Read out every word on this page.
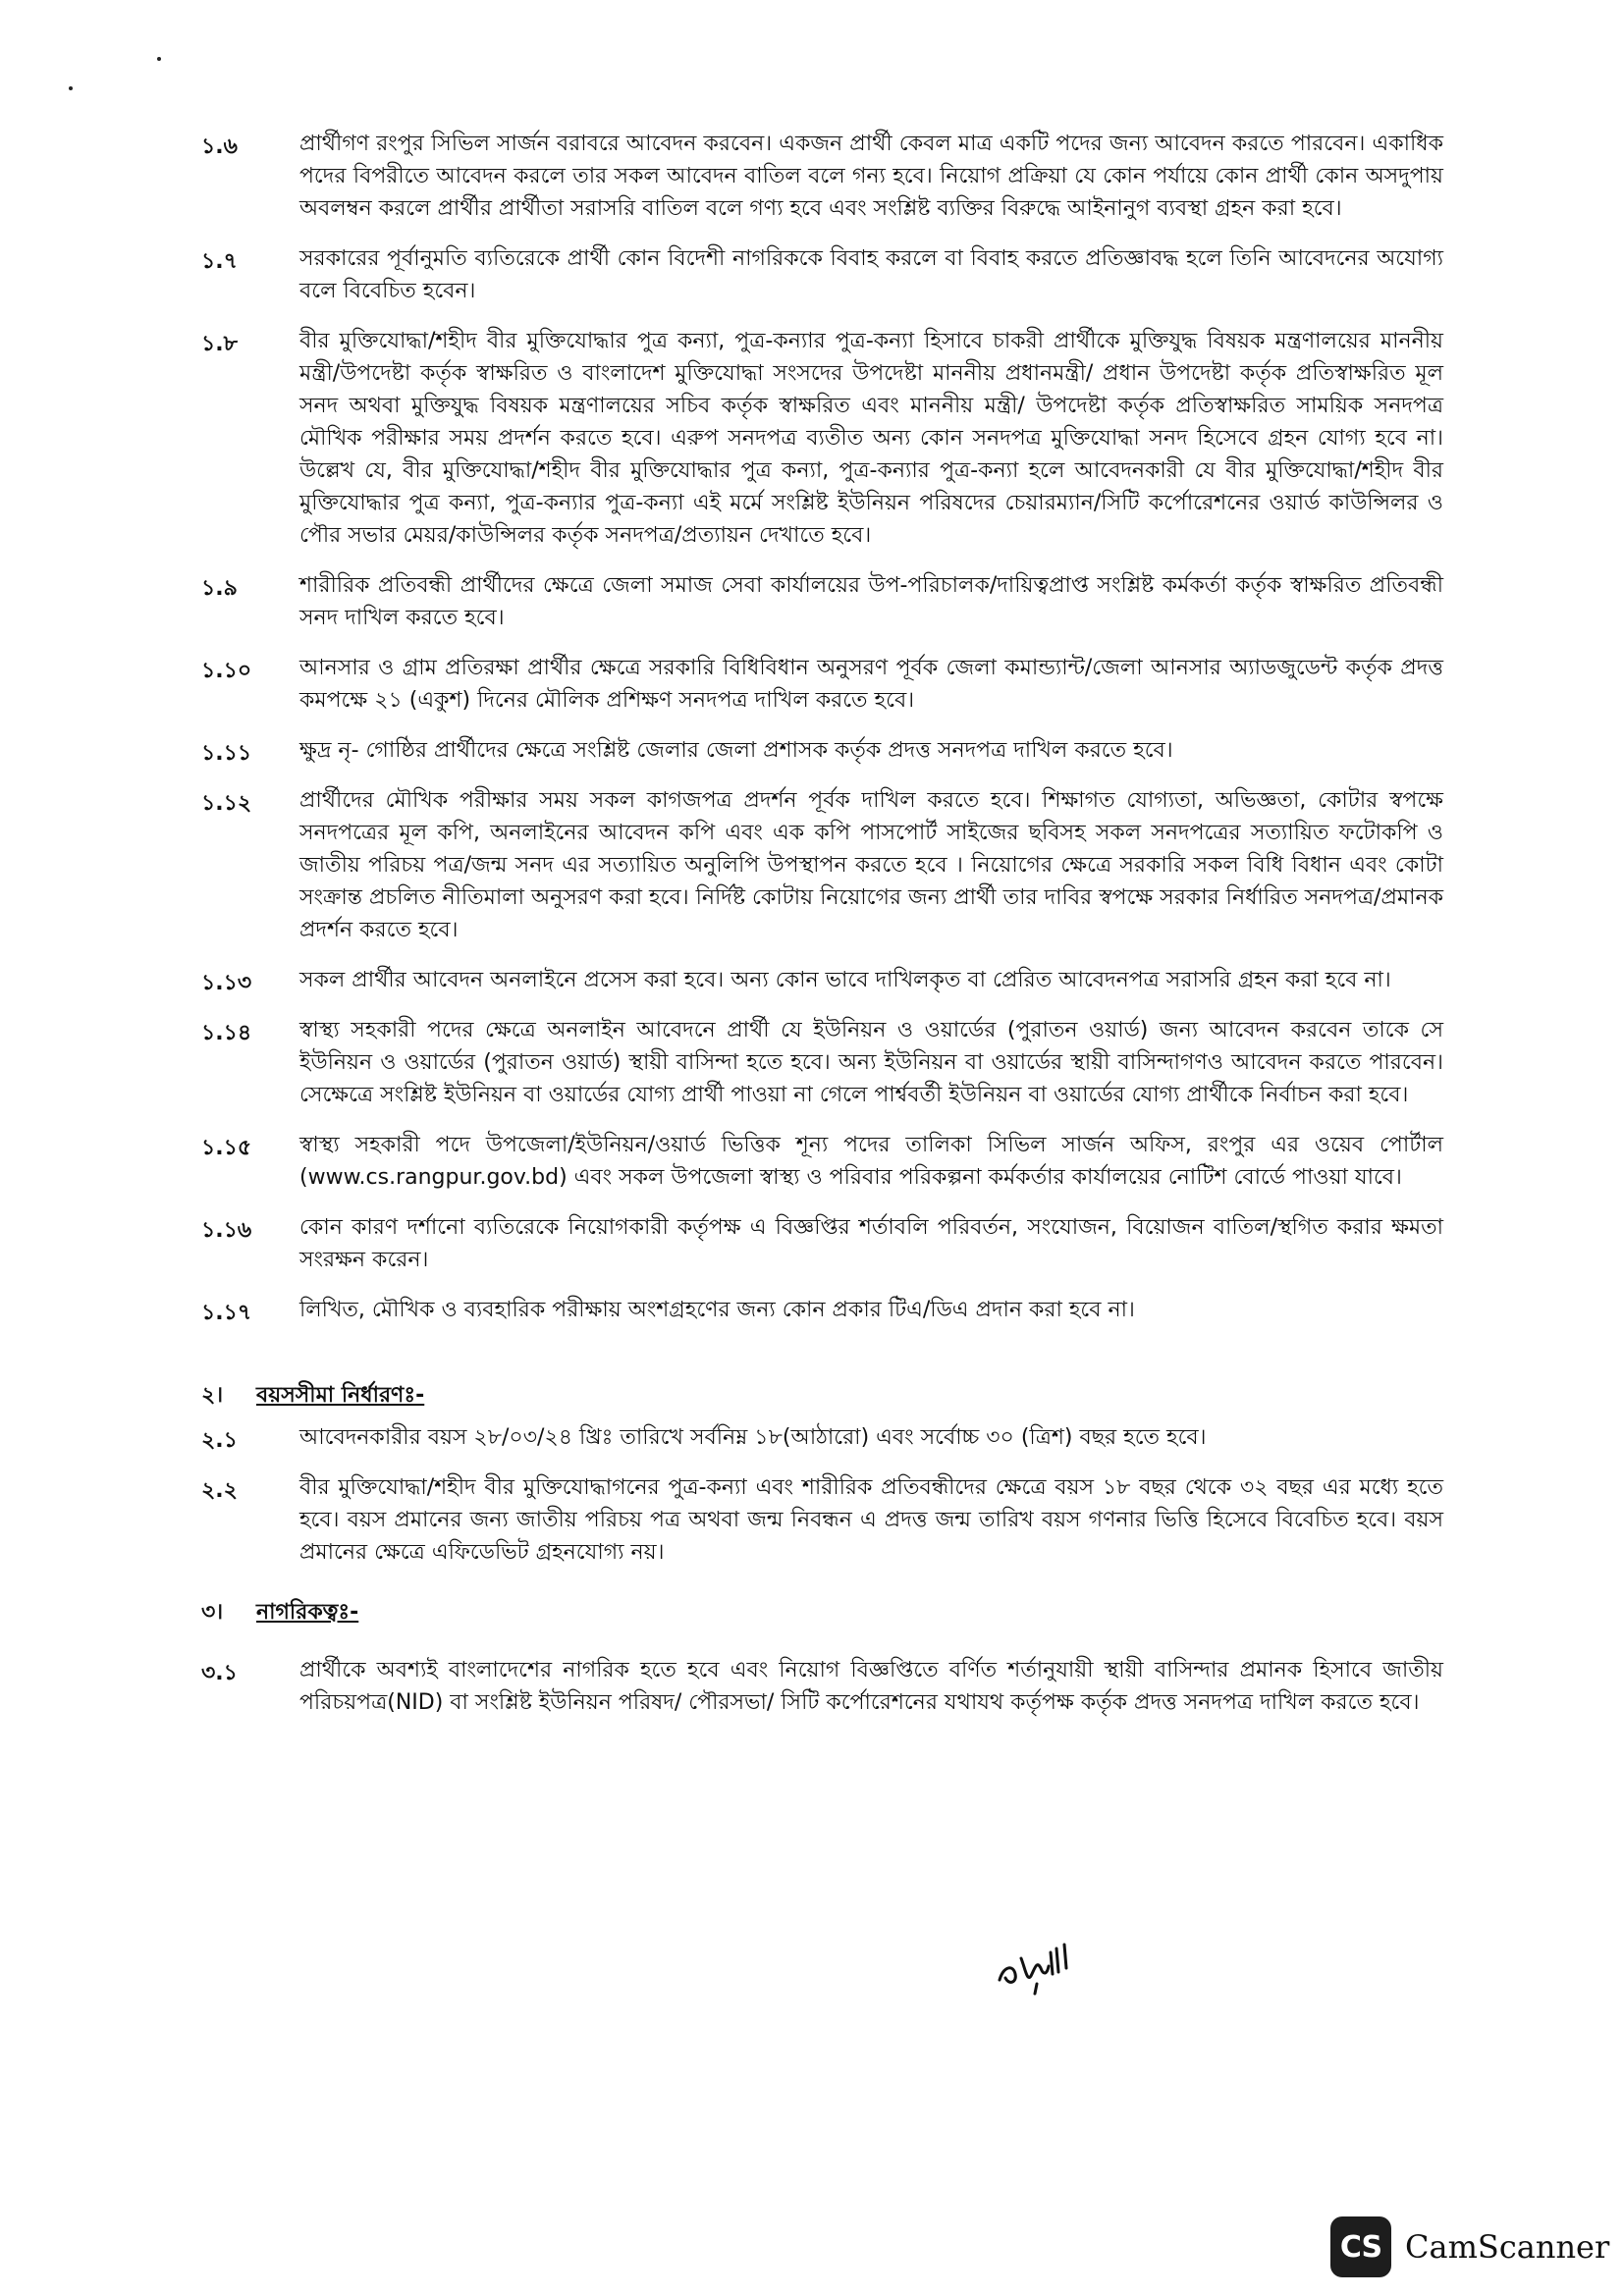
১.৬	প্রার্থীগণ রংপুর সিভিল সার্জন বরাবরে আবেদন করবেন। একজন প্রার্থী কেবল মাত্র একটি পদের জন্য আবেদন করতে পারবেন। একাধিক পদের বিপরীতে আবেদন করলে তার সকল আবেদন বাতিল বলে গন্য হবে। নিয়োগ প্রক্রিয়া যে কোন পর্যায়ে কোন প্রার্থী কোন অসদুপায় অবলম্বন করলে প্রার্থীর প্রার্থীতা সরাসরি বাতিল বলে গণ্য হবে এবং সংশ্লিষ্ট ব্যক্তির বিরুদ্ধে আইনানুগ ব্যবস্থা গ্রহন করা হবে।
১.৭	সরকারের পূর্বানুমতি ব্যতিরেকে প্রার্থী কোন বিদেশী নাগরিককে বিবাহ করলে বা বিবাহ করতে প্রতিজ্ঞাবদ্ধ হলে তিনি আবেদনের অযোগ্য বলে বিবেচিত হবেন।
১.৮	বীর মুক্তিযোদ্ধা/শহীদ বীর মুক্তিযোদ্ধার পুত্র কন্যা, পুত্র-কন্যার পুত্র-কন্যা হিসাবে চাকরী প্রার্থীকে মুক্তিযুদ্ধ বিষয়ক মন্ত্রণালয়ের মাননীয় মন্ত্রী/উপদেষ্টা কর্তৃক স্বাক্ষরিত ও বাংলাদেশ মুক্তিযোদ্ধা সংসদের উপদেষ্টা মাননীয় প্রধানমন্ত্রী/ প্রধান উপদেষ্টা কর্তৃক প্রতিস্বাক্ষরিত মূল সনদ অথবা মুক্তিযুদ্ধ বিষয়ক মন্ত্রণালয়ের সচিব কর্তৃক স্বাক্ষরিত এবং মাননীয় মন্ত্রী/ উপদেষ্টা কর্তৃক প্রতিস্বাক্ষরিত সাময়িক সনদপত্র মৌখিক পরীক্ষার সময় প্রদর্শন করতে হবে। এরুপ সনদপত্র ব্যতীত অন্য কোন সনদপত্র মুক্তিযোদ্ধা সনদ হিসেবে গ্রহন যোগ্য হবে না।উল্লেখ যে, বীর মুক্তিযোদ্ধা/শহীদ বীর মুক্তিযোদ্ধার পুত্র কন্যা, পুত্র-কন্যার পুত্র-কন্যা হলে আবেদনকারী যে বীর মুক্তিযোদ্ধা/শহীদ বীর মুক্তিযোদ্ধার পুত্র কন্যা, পুত্র-কন্যার পুত্র-কন্যা এই মর্মে সংশ্লিষ্ট ইউনিয়ন পরিষদের চেয়ারম্যান/সিটি কর্পোরেশনের ওয়ার্ড কাউন্সিলর ও পৌর সভার মেয়র/কাউন্সিলর কর্তৃক সনদপত্র/প্রত্যায়ন দেখাতে হবে।
১.৯	শারীরিক প্রতিবন্ধী প্রার্থীদের ক্ষেত্রে জেলা সমাজ সেবা কার্যালয়ের উপ-পরিচালক/দায়িত্বপ্রাপ্ত সংশ্লিষ্ট কর্মকর্তা কর্তৃক স্বাক্ষরিত প্রতিবন্ধী সনদ দাখিল করতে হবে।
১.১০	আনসার ও গ্রাম প্রতিরক্ষা প্রার্থীর ক্ষেত্রে সরকারি বিধিবিধান অনুসরণ পূর্বক জেলা কমান্ড্যান্ট/জেলা আনসার অ্যাডজুডেন্ট কর্তৃক প্রদত্ত কমপক্ষে ২১ (একুশ) দিনের মৌলিক প্রশিক্ষণ সনদপত্র দাখিল করতে হবে।
১.১১	ক্ষুদ্র নৃ- গোষ্ঠির প্রার্থীদের ক্ষেত্রে সংশ্লিষ্ট জেলার জেলা প্রশাসক কর্তৃক প্রদত্ত সনদপত্র দাখিল করতে হবে।
১.১২	প্রার্থীদের মৌখিক পরীক্ষার সময় সকল কাগজপত্র প্রদর্শন পূর্বক দাখিল করতে হবে। শিক্ষাগত যোগ্যতা, অভিজ্ঞতা, কোটার স্বপক্ষে সনদপত্রের মূল কপি, অনলাইনের আবেদন কপি এবং এক কপি পাসপোর্ট সাইজের ছবিসহ সকল সনদপত্রের সত্যায়িত ফটোকপি ও জাতীয় পরিচয় পত্র/জন্ম সনদ এর সত্যায়িত অনুলিপি উপস্থাপন করতে হবে । নিয়োগের ক্ষেত্রে সরকারি সকল বিধি বিধান এবং কোটা সংক্রান্ত প্রচলিত নীতিমালা অনুসরণ করা হবে। নির্দিষ্ট কোটায় নিয়োগের জন্য প্রার্থী তার দাবির স্বপক্ষে সরকার নির্ধারিত সনদপত্র/প্রমানক প্রদর্শন করতে হবে।
১.১৩	সকল প্রার্থীর আবেদন অনলাইনে প্রসেস করা হবে। অন্য কোন ভাবে দাখিলকৃত বা প্রেরিত আবেদনপত্র সরাসরি গ্রহন করা হবে না।
১.১৪	স্বাস্থ্য সহকারী পদের ক্ষেত্রে অনলাইন আবেদনে প্রার্থী যে ইউনিয়ন ও ওয়ার্ডের (পুরাতন ওয়ার্ড) জন্য আবেদন করবেন তাকে সে ইউনিয়ন ও ওয়ার্ডের (পুরাতন ওয়ার্ড) স্থায়ী বাসিন্দা হতে হবে। অন্য ইউনিয়ন বা ওয়ার্ডের স্থায়ী বাসিন্দাগণও আবেদন করতে পারবেন। সেক্ষেত্রে সংশ্লিষ্ট ইউনিয়ন বা ওয়ার্ডের যোগ্য প্রার্থী পাওয়া না গেলে পার্শ্ববর্তী ইউনিয়ন বা ওয়ার্ডের যোগ্য প্রার্থীকে নির্বাচন করা হবে।
১.১৫	স্বাস্থ্য সহকারী পদে উপজেলা/ইউনিয়ন/ওয়ার্ড ভিত্তিক শূন্য পদের তালিকা সিভিল সার্জন অফিস, রংপুর এর ওয়েব পোর্টাল (www.cs.rangpur.gov.bd) এবং সকল উপজেলা স্বাস্থ্য ও পরিবার পরিকল্পনা কর্মকর্তার কার্যালয়ের নোটিশ বোর্ডে পাওয়া যাবে।
১.১৬	কোন কারণ দর্শানো ব্যতিরেকে নিয়োগকারী কর্তৃপক্ষ এ বিজ্ঞপ্তির শর্তাবলি পরিবর্তন, সংযোজন, বিয়োজন বাতিল/স্থগিত করার ক্ষমতা সংরক্ষন করেন।
১.১৭	লিখিত, মৌখিক ও ব্যবহারিক পরীক্ষায় অংশগ্রহণের জন্য কোন প্রকার টিএ/ডিএ প্রদান করা হবে না।
২। বয়সসীমা নির্ধারণঃ-
২.১	আবেদনকারীর বয়স ২৮/০৩/২৪ খ্রিঃ তারিখে সর্বনিম্ন ১৮(আঠারো) এবং সর্বোচ্চ ৩০ (ত্রিশ) বছর হতে হবে।
২.২	বীর মুক্তিযোদ্ধা/শহীদ বীর মুক্তিযোদ্ধাগনের পুত্র-কন্যা এবং শারীরিক প্রতিবন্ধীদের ক্ষেত্রে বয়স ১৮ বছর থেকে ৩২ বছর এর মধ্যে হতে হবে। বয়স প্রমানের জন্য জাতীয় পরিচয় পত্র অথবা জন্ম নিবন্ধন এ প্রদত্ত জন্ম তারিখ বয়স গণনার ভিত্তি হিসেবে বিবেচিত হবে। বয়স প্রমানের ক্ষেত্রে এফিডেভিট গ্রহনযোগ্য নয়।
৩। নাগরিকত্বঃ-
৩.১	প্রার্থীকে অবশ্যই বাংলাদেশের নাগরিক হতে হবে এবং নিয়োগ বিজ্ঞপ্তিতে বর্ণিত শর্তানুযায়ী স্থায়ী বাসিন্দার প্রমানক হিসাবে জাতীয় পরিচয়পত্র(NID) বা সংশ্লিষ্ট ইউনিয়ন পরিষদ/ পৌরসভা/ সিটি কর্পোরেশনের যথাযথ কর্তৃপক্ষ কর্তৃক প্রদত্ত সনদপত্র দাখিল করতে হবে।
CS CamScanner
